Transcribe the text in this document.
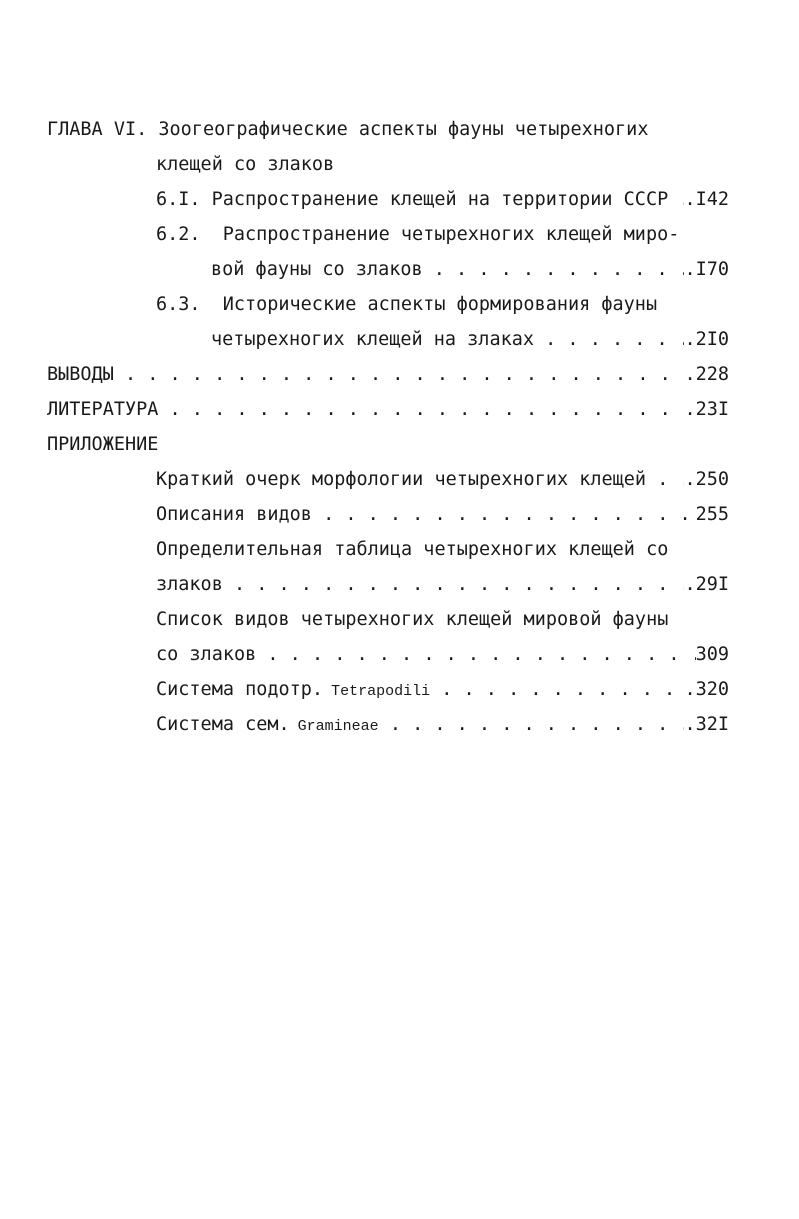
ГЛАВА VI. Зоогеографические аспекты фауны четырехногих
клещей со злаков
6.I. Распространение клещей на территории СССР . . . .I42
6.2. Распространение четырехногих клещей миро-
вой фауны со злаков . . .	.I70
6.3. Исторические аспекты формирования фауны
четырехногих клещей на злаках . . .	.2I0
ВЫВОДЫ . . .	.228
ЛИТЕРАТУРА . . .	.23I
ПРИЛОЖЕНИЕ
Краткий очерк морфологии четырехногих клещей . . . .250
Описания видов . . .	255
Определительная таблица четырехногих клещей со
злаков . . .	.29I
Список видов четырехногих клещей мировой фауны
со злаков . . .	309
Система подотр. Tetrapodili . . .	.320
Система сем. Gramineae . . .	.32I
